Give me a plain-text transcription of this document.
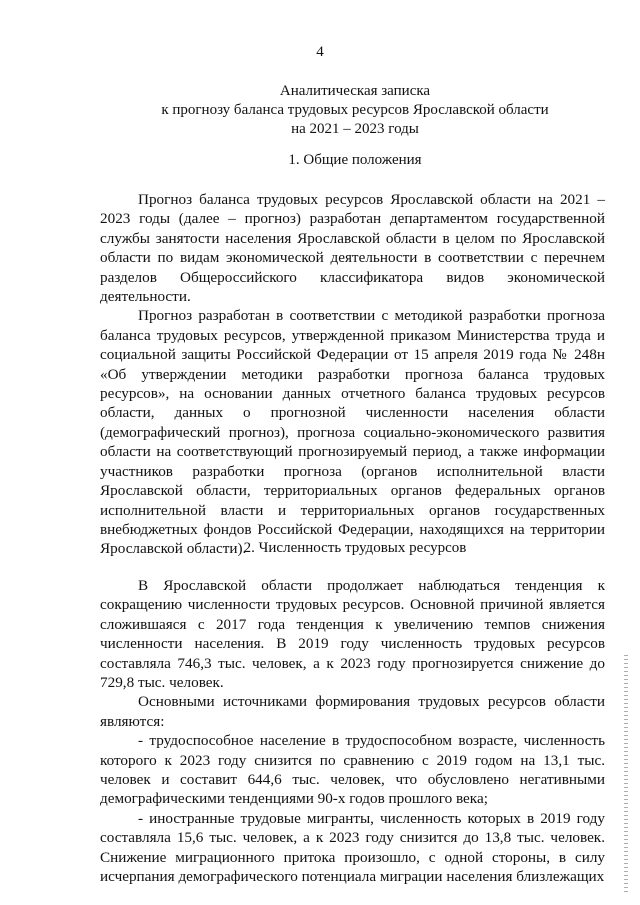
4
Аналитическая записка
к прогнозу баланса трудовых ресурсов Ярославской области
на 2021 – 2023 годы
1. Общие положения

Прогноз баланса трудовых ресурсов Ярославской области на 2021 – 2023 годы (далее – прогноз) разработан департаментом государственной службы занятости населения Ярославской области в целом по Ярославской области по видам экономической деятельности в соответствии с перечнем разделов Общероссийского классификатора видов экономической деятельности.

Прогноз разработан в соответствии с методикой разработки прогноза баланса трудовых ресурсов, утвержденной приказом Министерства труда и социальной защиты Российской Федерации от 15 апреля 2019 года № 248н «Об утверждении методики разработки прогноза баланса трудовых ресурсов», на основании данных отчетного баланса трудовых ресурсов области, данных о прогнозной численности населения области (демографический прогноз), прогноза социально-экономического развития области на соответствующий прогнозируемый период, а также информации участников разработки прогноза (органов исполнительной власти Ярославской области, территориальных органов федеральных органов исполнительной власти и территориальных органов государственных внебюджетных фондов Российской Федерации, находящихся на территории Ярославской области).

2. Численность трудовых ресурсов

В Ярославской области продолжает наблюдаться тенденция к сокращению численности трудовых ресурсов. Основной причиной является сложившаяся с 2017 года тенденция к увеличению темпов снижения численности населения. В 2019 году численность трудовых ресурсов составляла 746,3 тыс. человек, а к 2023 году прогнозируется снижение до 729,8 тыс. человек.

Основными источниками формирования трудовых ресурсов области являются:

- трудоспособное население в трудоспособном возрасте, численность которого к 2023 году снизится по сравнению с 2019 годом на 13,1 тыс. человек и составит 644,6 тыс. человек, что обусловлено негативными демографическими тенденциями 90-х годов прошлого века;

- иностранные трудовые мигранты, численность которых в 2019 году составляла 15,6 тыс. человек, а к 2023 году снизится до 13,8 тыс. человек. Снижение миграционного притока произошло, с одной стороны, в силу исчерпания демографического потенциала миграции населения близлежащих
